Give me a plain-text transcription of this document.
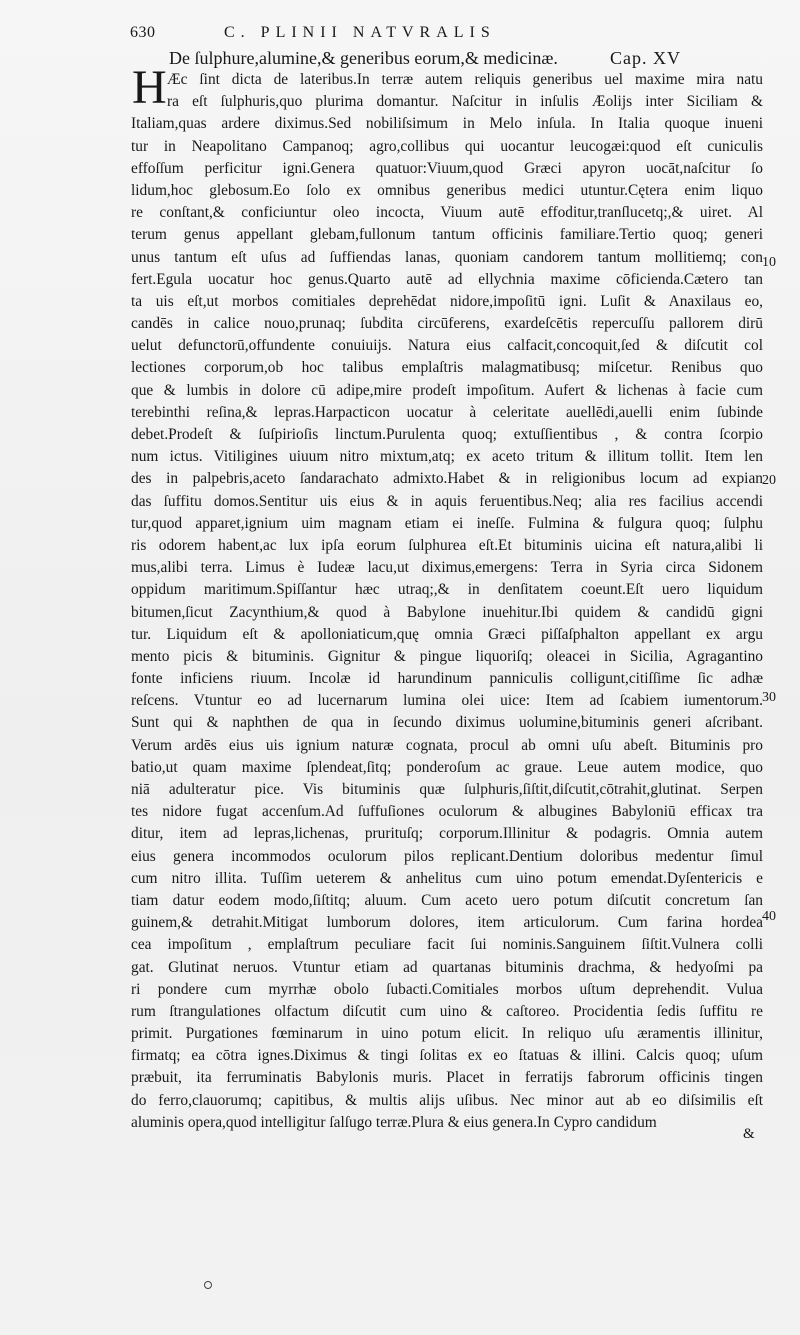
630	C. PLINII NATVRALIS
De ſulphure,alumine,& generibus eorum,& medicinæ.	Cap. XV
H Æc ſint dicta de lateribus.In terræ autem reliquis generibus uel maxime mira natu
ra eſt ſulphuris,quo plurima domantur. Naſcitur in inſulis Æolijs inter Siciliam &
Italiam,quas ardere diximus.Sed nobiliſsimum in Melo inſula. In Italia quoque inueni
tur in Neapolitano Campanoq; agro,collibus qui uocantur leucogæi:quod eſt cuniculis
effoſſum perficitur igni.Genera quatuor:Viuum,quod Græci apyron uocāt,naſcitur ſo
lidum,hoc glebosum.Eo ſolo ex omnibus generibus medici utuntur.Cętera enim liquo
re conſtant,& conficiuntur oleo incocta, Viuum autē effoditur,tranſlucetq;,& uiret. Al
terum genus appellant glebam,fullonum tantum officinis familiare.Tertio quoq; generi
unus tantum eſt uſus ad ſuffiendas lanas, quoniam candorem tantum mollitiemq; con
fert.Egula uocatur hoc genus.Quarto autē ad ellychnia maxime cōficienda.Cætero tan
ta uis eſt,ut morbos comitiales deprehēdat nidore,impoſitū igni. Luſit & Anaxilaus eo,
candēs in calice nouo,prunaq; ſubdita circūferens, exardeſcētis repercuſſu pallorem dirū
uelut defunctorū,offundente conuiuijs. Natura eius calfacit,concoquit,ſed & diſcutit col
lectiones corporum,ob hoc talibus emplaſtris malagmatibusq; miſcetur. Renibus quo
que & lumbis in dolore cū adipe,mire prodeſt impoſitum. Aufert & lichenas à facie cum
terebinthi reſina,& lepras.Harpacticon uocatur à celeritate auellēdi,auelli enim ſubinde
debet.Prodeſt & ſuſpirioſis linctum.Purulenta quoq; extuſſientibus , & contra ſcorpio
num ictus. Vitiligines uiuum nitro mixtum,atq; ex aceto tritum & illitum tollit. Item len
des in palpebris,aceto ſandarachato admixto.Habet & in religionibus locum ad expian
das ſuffitu domos.Sentitur uis eius & in aquis feruentibus.Neq; alia res facilius accendi
tur,quod apparet,ignium uim magnam etiam ei ineſſe. Fulmina & fulgura quoq; ſulphu
ris odorem habent,ac lux ipſa eorum ſulphurea eſt.Et bituminis uicina eſt natura,alibi li
mus,alibi terra. Limus è Iudeæ lacu,ut diximus,emergens: Terra in Syria circa Sidonem
oppidum maritimum.Spiſſantur hæc utraq;,& in denſitatem coeunt.Eſt uero liquidum
bitumen,ſicut Zacynthium,& quod à Babylone inuehitur.Ibi quidem & candidū gigni
tur. Liquidum eſt & apolloniaticum,quę omnia Græci piſſaſphalton appellant ex argu
mento picis & bituminis. Gignitur & pingue liquoriſq; oleacei in Sicilia, Agragantino
fonte inficiens riuum. Incolæ id harundinum panniculis colligunt,citiſſime ſic adhæ
reſcens. Vtuntur eo ad lucernarum lumina olei uice: Item ad ſcabiem iumentorum.
Sunt qui & naphthen de qua in ſecundo diximus uolumine,bituminis generi aſcribant.
Verum ardēs eius uis ignium naturæ cognata, procul ab omni uſu abeſt. Bituminis pro
batio,ut quam maxime ſplendeat,ſitq; ponderoſum ac graue. Leue autem modice, quo
niā adulteratur pice. Vis bituminis quæ ſulphuris,ſiſtit,diſcutit,cōtrahit,glutinat. Serpen
tes nidore fugat accenſum.Ad ſuffuſiones oculorum & albugines Babyloniū efficax tra
ditur, item ad lepras,lichenas, prurituſq; corporum.Illinitur & podagris. Omnia autem
eius genera incommodos oculorum pilos replicant.Dentium doloribus medentur ſimul
cum nitro illita. Tuſſim ueterem & anhelitus cum uino potum emendat.Dyſentericis e
tiam datur eodem modo,ſiſtitq; aluum. Cum aceto uero potum diſcutit concretum ſan
guinem,& detrahit.Mitigat lumborum dolores, item articulorum. Cum farina hordea
cea impoſitum , emplaſtrum peculiare facit ſui nominis.Sanguinem ſiſtit.Vulnera colli
gat. Glutinat neruos. Vtuntur etiam ad quartanas bituminis drachma, & hedyoſmi pa
ri pondere cum myrrhæ obolo ſubacti.Comitiales morbos uſtum deprehendit. Vulua
rum ſtrangulationes olfactum diſcutit cum uino & caſtoreo. Procidentia ſedis ſuffitu re
primit. Purgationes fœminarum in uino potum elicit. In reliquo uſu æramentis illinitur,
firmatq; ea cōtra ignes.Diximus & tingi ſolitas ex eo ſtatuas & illini. Calcis quoq; uſum
præbuit, ita ferruminatis Babylonis muris. Placet in ferratijs fabrorum officinis tingen
do ferro,clauorumq; capitibus, & multis alijs uſibus. Nec minor aut ab eo diſsimilis eſt
aluminis opera,quod intelligitur ſalſugo terræ.Plura & eius genera.In Cypro candidum
10
20
30
40
&
